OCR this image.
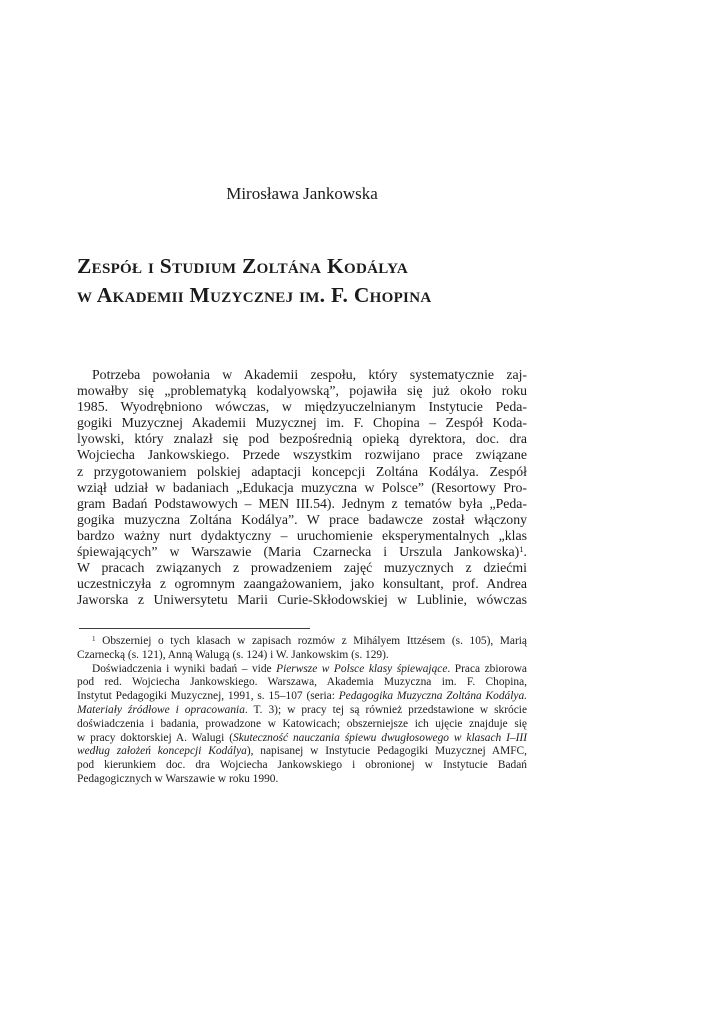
Mirosława Jankowska
Zespół i Studium Zoltána Kodálya
w Akademii Muzycznej im. F. Chopina
Potrzeba powołania w Akademii zespołu, który systematycznie zaj-
mowałby się „problematyką kodalyowską”, pojawiła się już około roku
1985. Wyodrębniono wówczas, w międzyuczelnianym Instytucie Peda-
gogiki Muzycznej Akademii Muzycznej im. F. Chopina – Zespół Koda-
lyowski, który znalazł się pod bezpośrednią opieką dyrektora, doc. dra
Wojciecha Jankowskiego. Przede wszystkim rozwijano prace związane
z przygotowaniem polskiej adaptacji koncepcji Zoltána Kodálya. Zespół
wziął udział w badaniach „Edukacja muzyczna w Polsce” (Resortowy Pro-
gram Badań Podstawowych – MEN III.54). Jednym z tematów była „Peda-
gogika muzyczna Zoltána Kodálya”. W prace badawcze został włączony
bardzo ważny nurt dydaktyczny – uruchomienie eksperymentalnych „klas
śpiewających” w Warszawie (Maria Czarnecka i Urszula Jankowska)$^1$.
W pracach związanych z prowadzeniem zajęć muzycznych z dziećmi
uczestniczyła z ogromnym zaangażowaniem, jako konsultant, prof. Andrea
Jaworska z Uniwersytetu Marii Curie-Skłodowskiej w Lublinie, wówczas
$^1$ Obszerniej o tych klasach w zapisach rozmów z Mihályem Ittzésem (s. 105), Marią
Czarnecką (s. 121), Anną Walugą (s. 124) i W. Jankowskim (s. 129).
Doświadczenia i wyniki badań – vide Pierwsze w Polsce klasy śpiewające. Praca zbiorowa
pod red. Wojciecha Jankowskiego. Warszawa, Akademia Muzyczna im. F. Chopina,
Instytut Pedagogiki Muzycznej, 1991, s. 15–107 (seria: Pedagogika Muzyczna Zoltána Kodálya.
Materiały źródłowe i opracowania. T. 3); w pracy tej są również przedstawione w skrócie
doświadczenia i badania, prowadzone w Katowicach; obszerniejsze ich ujęcie znajduje się
w pracy doktorskiej A. Walugi (Skuteczność nauczania śpiewu dwugłosowego w klasach I–III
według założeń koncepcji Kodálya), napisanej w Instytucie Pedagogiki Muzycznej AMFC,
pod kierunkiem doc. dra Wojciecha Jankowskiego i obronionej w Instytucie Badań
Pedagogicznych w Warszawie w roku 1990.
